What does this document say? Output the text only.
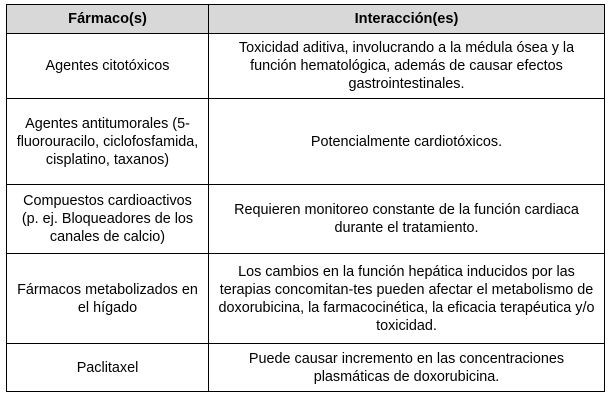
Fármaco(s)	Interacción(es)
Agentes citotóxicos	Toxicidad aditiva, involucrando a la médula ósea y la función hematológica, además de causar efectos gastrointestinales.
Agentes antitumorales (5-fluorouracilo, ciclofosfamida, cisplatino, taxanos)	Potencialmente cardiotóxicos.
Compuestos cardioactivos (p. ej. Bloqueadores de los canales de calcio)	Requieren monitoreo constante de la función cardiaca durante el tratamiento.
Fármacos metabolizados en el hígado	Los cambios en la función hepática inducidos por las terapias concomitan-tes pueden afectar el metabolismo de doxorubicina, la farmacocinética, la eficacia terapéutica y/o toxicidad.
Paclitaxel	Puede causar incremento en las concentraciones plasmáticas de doxorubicina.
